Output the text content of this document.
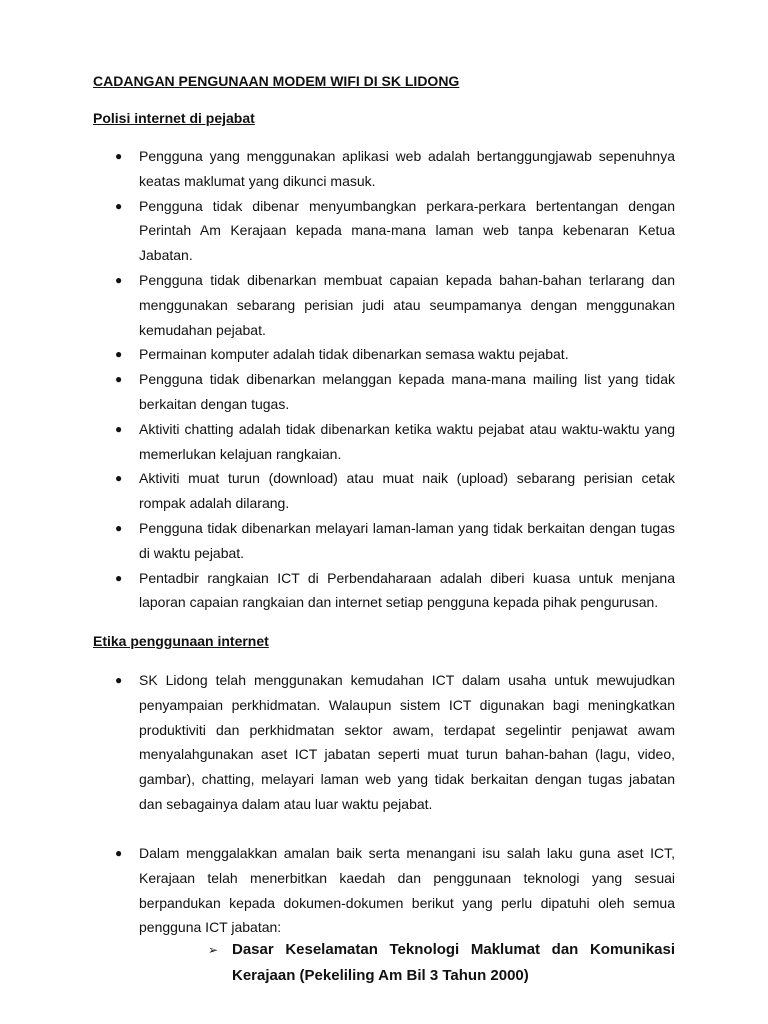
CADANGAN PENGUNAAN MODEM WIFI DI SK LIDONG

Polisi internet di pejabat

● Pengguna yang menggunakan aplikasi web adalah bertanggungjawab sepenuhnya keatas maklumat yang dikunci masuk.
● Pengguna tidak dibenar menyumbangkan perkara-perkara bertentangan dengan Perintah Am Kerajaan kepada mana-mana laman web tanpa kebenaran Ketua Jabatan.
● Pengguna tidak dibenarkan membuat capaian kepada bahan-bahan terlarang dan menggunakan sebarang perisian judi atau seumpamanya dengan menggunakan kemudahan pejabat.
● Permainan komputer adalah tidak dibenarkan semasa waktu pejabat.
● Pengguna tidak dibenarkan melanggan kepada mana-mana mailing list yang tidak berkaitan dengan tugas.
● Aktiviti chatting adalah tidak dibenarkan ketika waktu pejabat atau waktu-waktu yang memerlukan kelajuan rangkaian.
● Aktiviti muat turun (download) atau muat naik (upload) sebarang perisian cetak rompak adalah dilarang.
● Pengguna tidak dibenarkan melayari laman-laman yang tidak berkaitan dengan tugas di waktu pejabat.
● Pentadbir rangkaian ICT di Perbendaharaan adalah diberi kuasa untuk menjana laporan capaian rangkaian dan internet setiap pengguna kepada pihak pengurusan.

Etika penggunaan internet

● SK Lidong telah menggunakan kemudahan ICT dalam usaha untuk mewujudkan penyampaian perkhidmatan. Walaupun sistem ICT digunakan bagi meningkatkan produktiviti dan perkhidmatan sektor awam, terdapat segelintir penjawat awam menyalahgunakan aset ICT jabatan seperti muat turun bahan-bahan (lagu, video, gambar), chatting, melayari laman web yang tidak berkaitan dengan tugas jabatan dan sebagainya dalam atau luar waktu pejabat.
● Dalam menggalakkan amalan baik serta menangani isu salah laku guna aset ICT, Kerajaan telah menerbitkan kaedah dan penggunaan teknologi yang sesuai berpandukan kepada dokumen-dokumen berikut yang perlu dipatuhi oleh semua pengguna ICT jabatan:
➢ Dasar Keselamatan Teknologi Maklumat dan Komunikasi Kerajaan (Pekeliling Am Bil 3 Tahun 2000)
